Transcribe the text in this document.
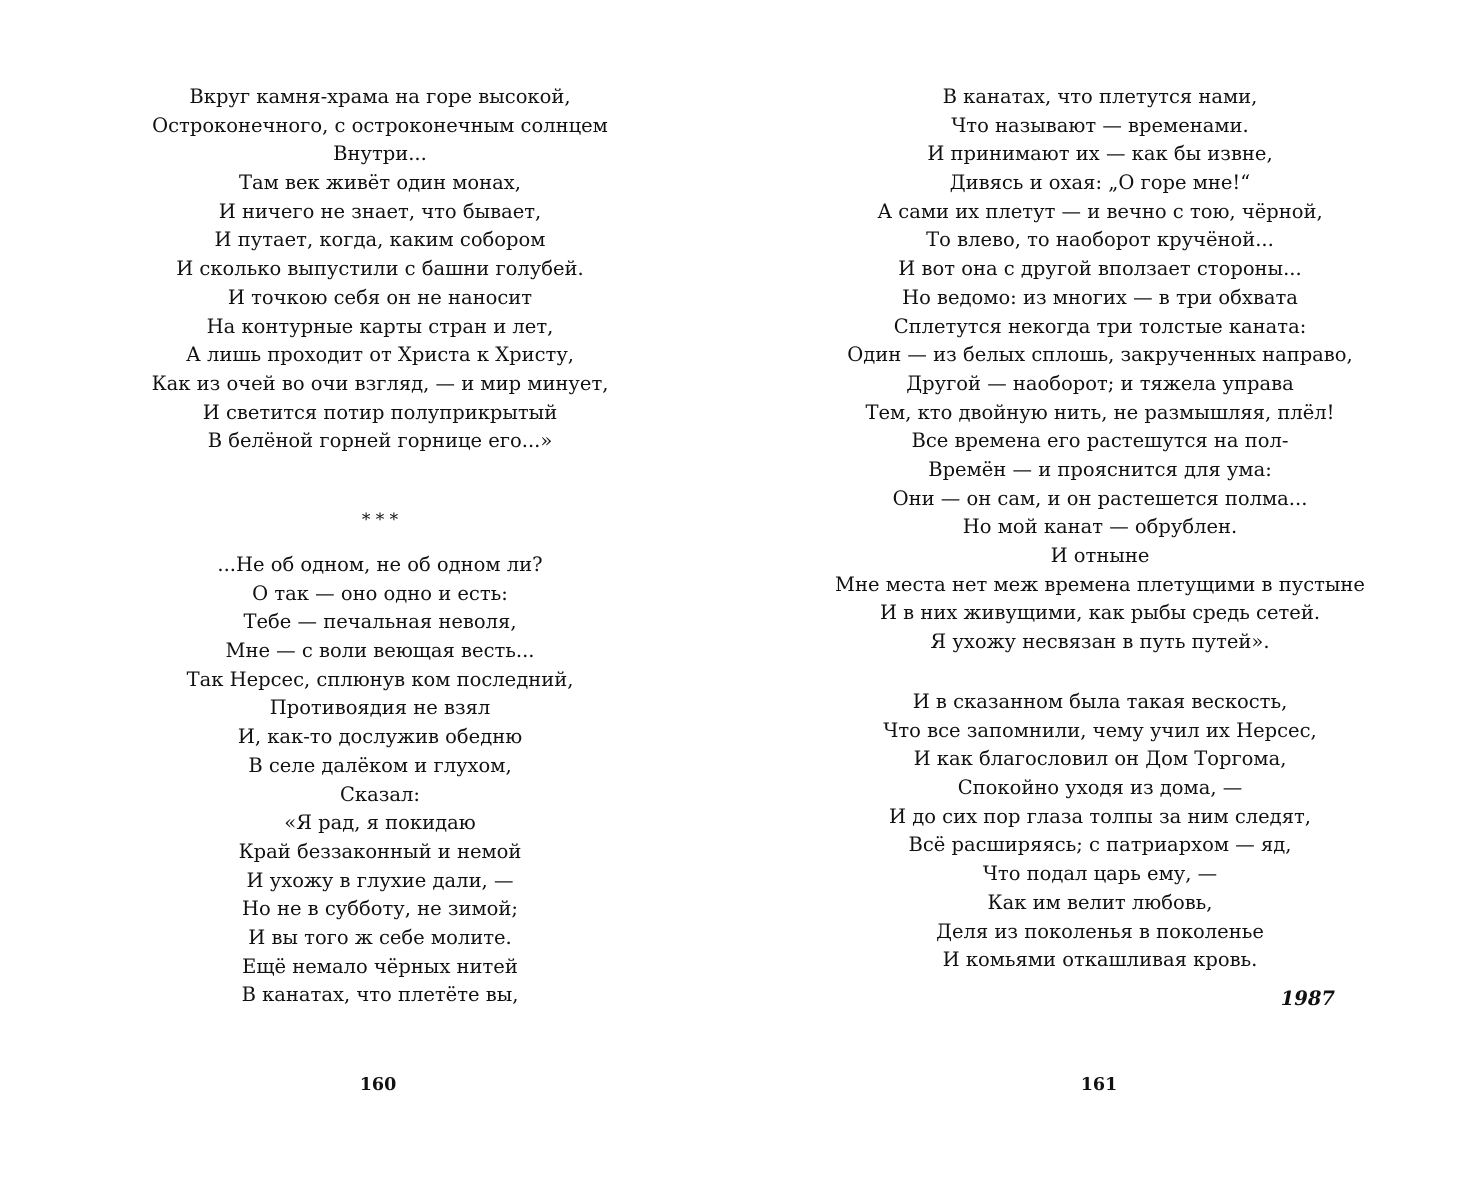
Вкруг камня-храма на горе высокой,
Остроконечного, с остроконечным солнцем
Внутри...
Там век живёт один монах,
И ничего не знает, что бывает,
И путает, когда, каким собором
И сколько выпустили с башни голубей.
И точкою себя он не наносит
На контурные карты стран и лет,
А лишь проходит от Христа к Христу,
Как из очей во очи взгляд, — и мир минует,
И светится потир полуприкрытый
В белёной горней горнице его...»
* * *
...Не об одном, не об одном ли?
О так — оно одно и есть:
Тебе — печальная неволя,
Мне — с воли веющая весть...
Так Нерсес, сплюнув ком последний,
Противоядия не взял
И, как-то дослужив обедню
В селе далёком и глухом,
Сказал:
«Я рад, я покидаю
Край беззаконный и немой
И ухожу в глухие дали, —
Но не в субботу, не зимой;
И вы того ж себе молите.
Ещё немало чёрных нитей
В канатах, что плетёте вы,
160
В канатах, что плетутся нами,
Что называют — временами.
И принимают их — как бы извне,
Дивясь и охая: „О горе мне!“
А сами их плетут — и вечно с тою, чёрной,
То влево, то наоборот кручёной...
И вот она с другой вползает стороны...
Но ведомо: из многих — в три обхвата
Сплетутся некогда три толстые каната:
Один — из белых сплошь, закрученных направо,
Другой — наоборот; и тяжела управа
Тем, кто двойную нить, не размышляя, плёл!
Все времена его растешутся на пол-
Времён — и прояснится для ума:
Они — он сам, и он растешется полма...
Но мой канат — обрублен.
И отныне
Мне места нет меж времена плетущими в пустыне
И в них живущими, как рыбы средь сетей.
Я ухожу несвязан в путь путей».
И в сказанном была такая вескость,
Что все запомнили, чему учил их Нерсес,
И как благословил он Дом Торгома,
Спокойно уходя из дома, —
И до сих пор глаза толпы за ним следят,
Всё расширяясь; с патриархом — яд,
Что подал царь ему, —
Как им велит любовь,
Деля из поколенья в поколенье
И комьями откашливая кровь.
1987
161
